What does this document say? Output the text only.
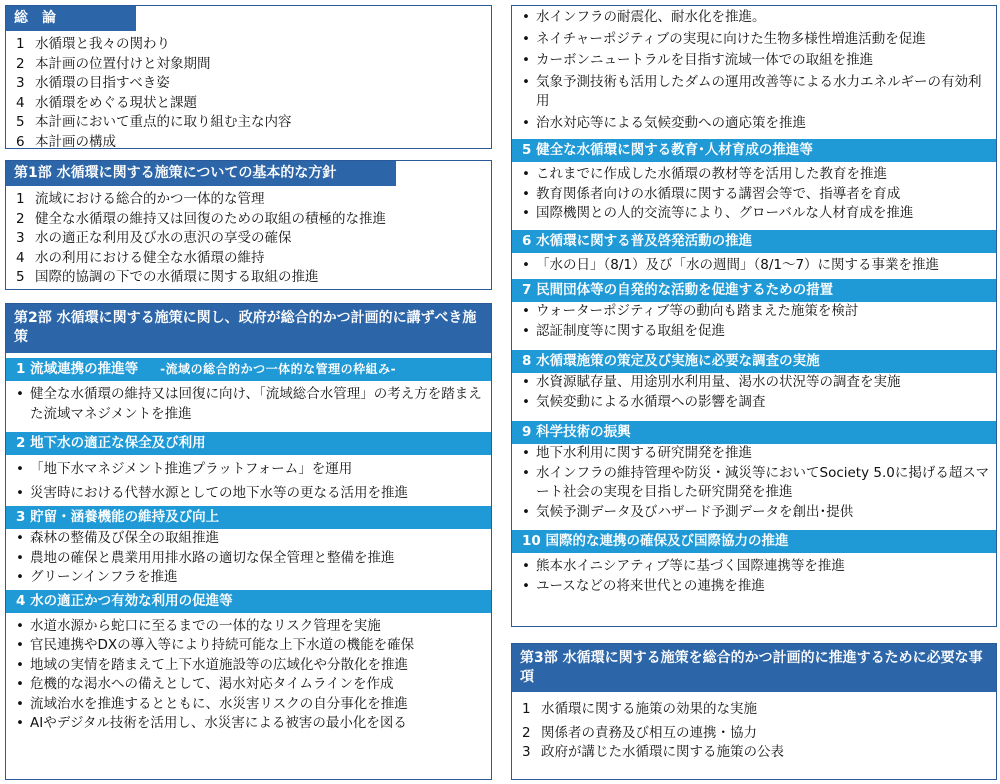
総　論
1 水循環と我々の関わり
2 本計画の位置付けと対象期間
3 水循環の目指すべき姿
4 水循環をめぐる現状と課題
5 本計画において重点的に取り組む主な内容
6 本計画の構成
第1部 水循環に関する施策についての基本的な方針
1 流域における総合的かつ一体的な管理
2 健全な水循環の維持又は回復のための取組の積極的な推進
3 水の適正な利用及び水の恵沢の享受の確保
4 水の利用における健全な水循環の維持
5 国際的協調の下での水循環に関する取組の推進
第2部 水循環に関する施策に関し、政府が総合的かつ計画的に講ずべき施策
1 流域連携の推進等 -流域の総合的かつ一体的な管理の枠組み-
• 健全な水循環の維持又は回復に向け、「流域総合水管理」の考え方を踏まえた流域マネジメントを推進
2 地下水の適正な保全及び利用
• 「地下水マネジメント推進プラットフォーム」を運用
• 災害時における代替水源としての地下水等の更なる活用を推進
3 貯留・涵養機能の維持及び向上
• 森林の整備及び保全の取組推進
• 農地の確保と農業用用排水路の適切な保全管理と整備を推進
• グリーンインフラを推進
4 水の適正かつ有効な利用の促進等
• 水道水源から蛇口に至るまでの一体的なリスク管理を実施
• 官民連携やDXの導入等により持続可能な上下水道の機能を確保
• 地域の実情を踏まえて上下水道施設等の広域化や分散化を推進
• 危機的な渇水への備えとして、渇水対応タイムラインを作成
• 流域治水を推進するとともに、水災害リスクの自分事化を推進
• AIやデジタル技術を活用し、水災害による被害の最小化を図る
• 水インフラの耐震化、耐水化を推進。
• ネイチャーポジティブの実現に向けた生物多様性増進活動を促進
• カーボンニュートラルを目指す流域一体での取組を推進
• 気象予測技術も活用したダムの運用改善等による水力エネルギーの有効利用
• 治水対応等による気候変動への適応策を推進
5 健全な水循環に関する教育･人材育成の推進等
• これまでに作成した水循環の教材等を活用した教育を推進
• 教育関係者向けの水循環に関する講習会等で、指導者を育成
• 国際機関との人的交流等により、グローバルな人材育成を推進
6 水循環に関する普及啓発活動の推進
• 「水の日」（8/1）及び「水の週間」（8/1～7）に関する事業を推進
7 民間団体等の自発的な活動を促進するための措置
• ウォーターポジティブ等の動向も踏まえた施策を検討
• 認証制度等に関する取組を促進
8 水循環施策の策定及び実施に必要な調査の実施
• 水資源賦存量、用途別水利用量、渇水の状況等の調査を実施
• 気候変動による水循環への影響を調査
9 科学技術の振興
• 地下水利用に関する研究開発を推進
• 水インフラの維持管理や防災・減災等においてSociety 5.0に掲げる超スマート社会の実現を目指した研究開発を推進
• 気候予測データ及びハザード予測データを創出･提供
10 国際的な連携の確保及び国際協力の推進
• 熊本水イニシアティブ等に基づく国際連携等を推進
• ユースなどの将来世代との連携を推進
第3部 水循環に関する施策を総合的かつ計画的に推進するために必要な事項
1 水循環に関する施策の効果的な実施
2 関係者の責務及び相互の連携・協力
3 政府が講じた水循環に関する施策の公表
